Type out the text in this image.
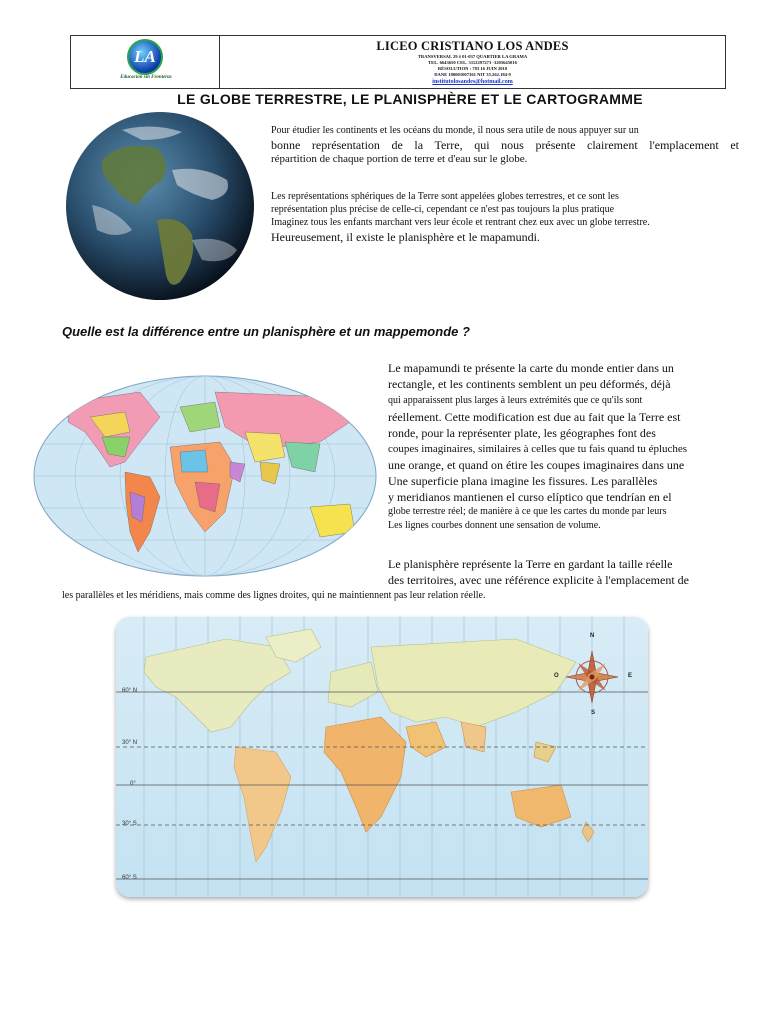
LA
Educación sin Fronteras
LICEO CRISTIANO LOS ANDES
TRANSVERSAL 29 # 01-037 QUARTIER LA GRAMA
TEL. 6643650 CEL. 3112297273 -3205645016
RÉSOLUTION : 783 16 JUIN 2010
DANE 180001007361 NIT 35.262.184-9
institutolosandes@hotmail.com
LE GLOBE TERRESTRE, LE PLANISPHÈRE ET LE CARTOGRAMME
Pour étudier les continents et les océans du monde, il nous sera utile de nous appuyer sur un
bonne représentation de la Terre, qui nous présente clairement l'emplacement et
répartition de chaque portion de terre et d'eau sur le globe.
Les représentations sphériques de la Terre sont appelées globes terrestres, et ce sont les
représentation plus précise de celle-ci, cependant ce n'est pas toujours la plus pratique
Imaginez tous les enfants marchant vers leur école et rentrant chez eux avec un globe terrestre.
Heureusement, il existe le planisphère et le mapamundi.
Quelle est la différence entre un planisphère et un mappemonde ?
Le mapamundi te présente la carte du monde entier dans un
rectangle, et les continents semblent un peu déformés, déjà
qui apparaissent plus larges à leurs extrémités que ce qu'ils sont
réellement. Cette modification est due au fait que la Terre est
ronde, pour la représenter plate, les géographes font des
coupes imaginaires, similaires à celles que tu fais quand tu épluches
une orange, et quand on étire les coupes imaginaires dans une
Une superficie plana imagine les fissures. Les parallèles
y meridianos mantienen el curso elíptico que tendrían en el
globe terrestre réel; de manière à ce que les cartes du monde par leurs
Les lignes courbes donnent une sensation de volume.
Le planisphère représente la Terre en gardant la taille réelle
des territoires, avec une référence explicite à l'emplacement de
les parallèles et les méridiens, mais comme des lignes droites, qui ne maintiennent pas leur relation réelle.
60° N
30° N
0°
30° S
60° S
N
S
E
O
